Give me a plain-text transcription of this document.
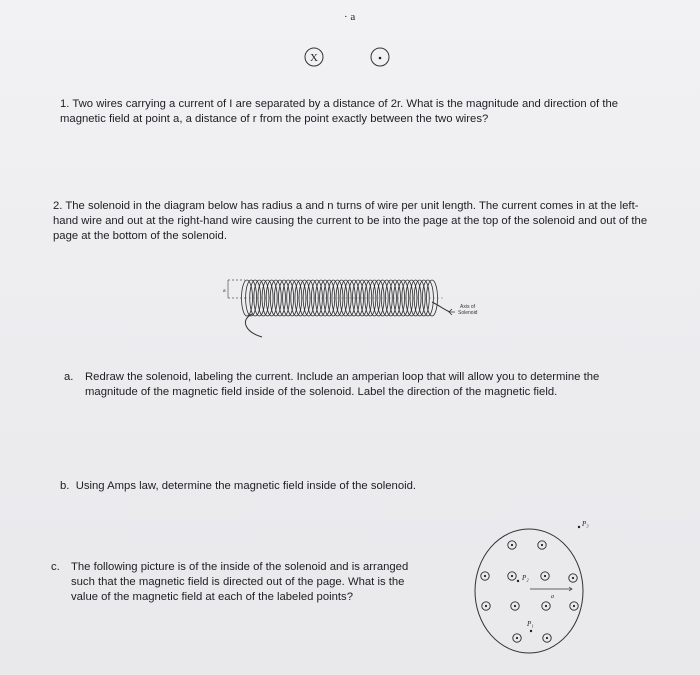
· a
X
1. Two wires carrying a current of I are separated by a distance of 2r. What is the magnitude and direction of the magnetic field at point a, a distance of r from the point exactly between the two wires?
2. The solenoid in the diagram below has radius a and n turns of wire per unit length. The current comes in at the left-hand wire and out at the right-hand wire causing the current to be into the page at the top of the solenoid and out of the page at the bottom of the solenoid.
a
Axis of
Solenoid
a. Redraw the solenoid, labeling the current. Include an amperian loop that will allow you to determine the magnitude of the magnetic field inside of the solenoid. Label the direction of the magnetic field.
b. Using Amps law, determine the magnetic field inside of the solenoid.
c. The following picture is of the inside of the solenoid and is arranged such that the magnetic field is directed out of the page. What is the value of the magnetic field at each of the labeled points?
P₃
P₂
a
P₁
